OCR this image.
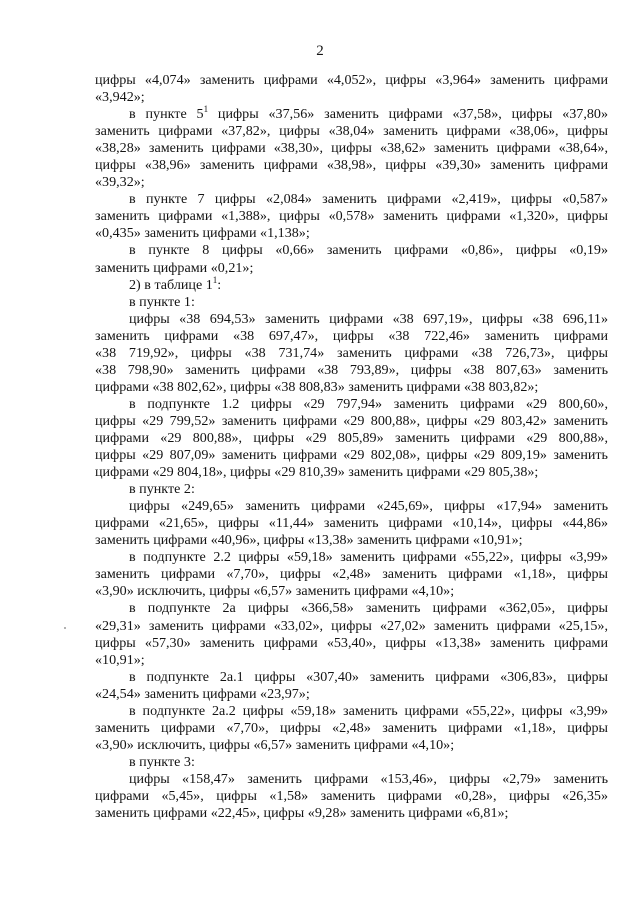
2
цифры «4,074» заменить цифрами «4,052», цифры «3,964» заменить цифрами
«3,942»;
в пункте $5^1$ цифры «37,56» заменить цифрами «37,58», цифры «37,80»
заменить цифрами «37,82», цифры «38,04» заменить цифрами «38,06», цифры
«38,28» заменить цифрами «38,30», цифры «38,62» заменить цифрами «38,64»,
цифры «38,96» заменить цифрами «38,98», цифры «39,30» заменить цифрами
«39,32»;
в пункте 7 цифры «2,084» заменить цифрами «2,419», цифры «0,587»
заменить цифрами «1,388», цифры «0,578» заменить цифрами «1,320», цифры
«0,435» заменить цифрами «1,138»;
в пункте 8 цифры «0,66» заменить цифрами «0,86», цифры «0,19»
заменить цифрами «0,21»;
2) в таблице $1^1$:
в пункте 1:
цифры «38 694,53» заменить цифрами «38 697,19», цифры «38 696,11»
заменить цифрами «38 697,47», цифры «38 722,46» заменить цифрами
«38 719,92», цифры «38 731,74» заменить цифрами «38 726,73», цифры
«38 798,90» заменить цифрами «38 793,89», цифры «38 807,63» заменить
цифрами «38 802,62», цифры «38 808,83» заменить цифрами «38 803,82»;
в подпункте 1.2 цифры «29 797,94» заменить цифрами «29 800,60»,
цифры «29 799,52» заменить цифрами «29 800,88», цифры «29 803,42» заменить
цифрами «29 800,88», цифры «29 805,89» заменить цифрами «29 800,88»,
цифры «29 807,09» заменить цифрами «29 802,08», цифры «29 809,19» заменить
цифрами «29 804,18», цифры «29 810,39» заменить цифрами «29 805,38»;
в пункте 2:
цифры «249,65» заменить цифрами «245,69», цифры «17,94» заменить
цифрами «21,65», цифры «11,44» заменить цифрами «10,14», цифры «44,86»
заменить цифрами «40,96», цифры «13,38» заменить цифрами «10,91»;
в подпункте 2.2 цифры «59,18» заменить цифрами «55,22», цифры «3,99»
заменить цифрами «7,70», цифры «2,48» заменить цифрами «1,18», цифры
«3,90» исключить, цифры «6,57» заменить цифрами «4,10»;
в подпункте 2а цифры «366,58» заменить цифрами «362,05», цифры
«29,31» заменить цифрами «33,02», цифры «27,02» заменить цифрами «25,15»,
цифры «57,30» заменить цифрами «53,40», цифры «13,38» заменить цифрами
«10,91»;
в подпункте 2а.1 цифры «307,40» заменить цифрами «306,83», цифры
«24,54» заменить цифрами «23,97»;
в подпункте 2а.2 цифры «59,18» заменить цифрами «55,22», цифры «3,99»
заменить цифрами «7,70», цифры «2,48» заменить цифрами «1,18», цифры
«3,90» исключить, цифры «6,57» заменить цифрами «4,10»;
в пункте 3:
цифры «158,47» заменить цифрами «153,46», цифры «2,79» заменить
цифрами «5,45», цифры «1,58» заменить цифрами «0,28», цифры «26,35»
заменить цифрами «22,45», цифры «9,28» заменить цифрами «6,81»;
